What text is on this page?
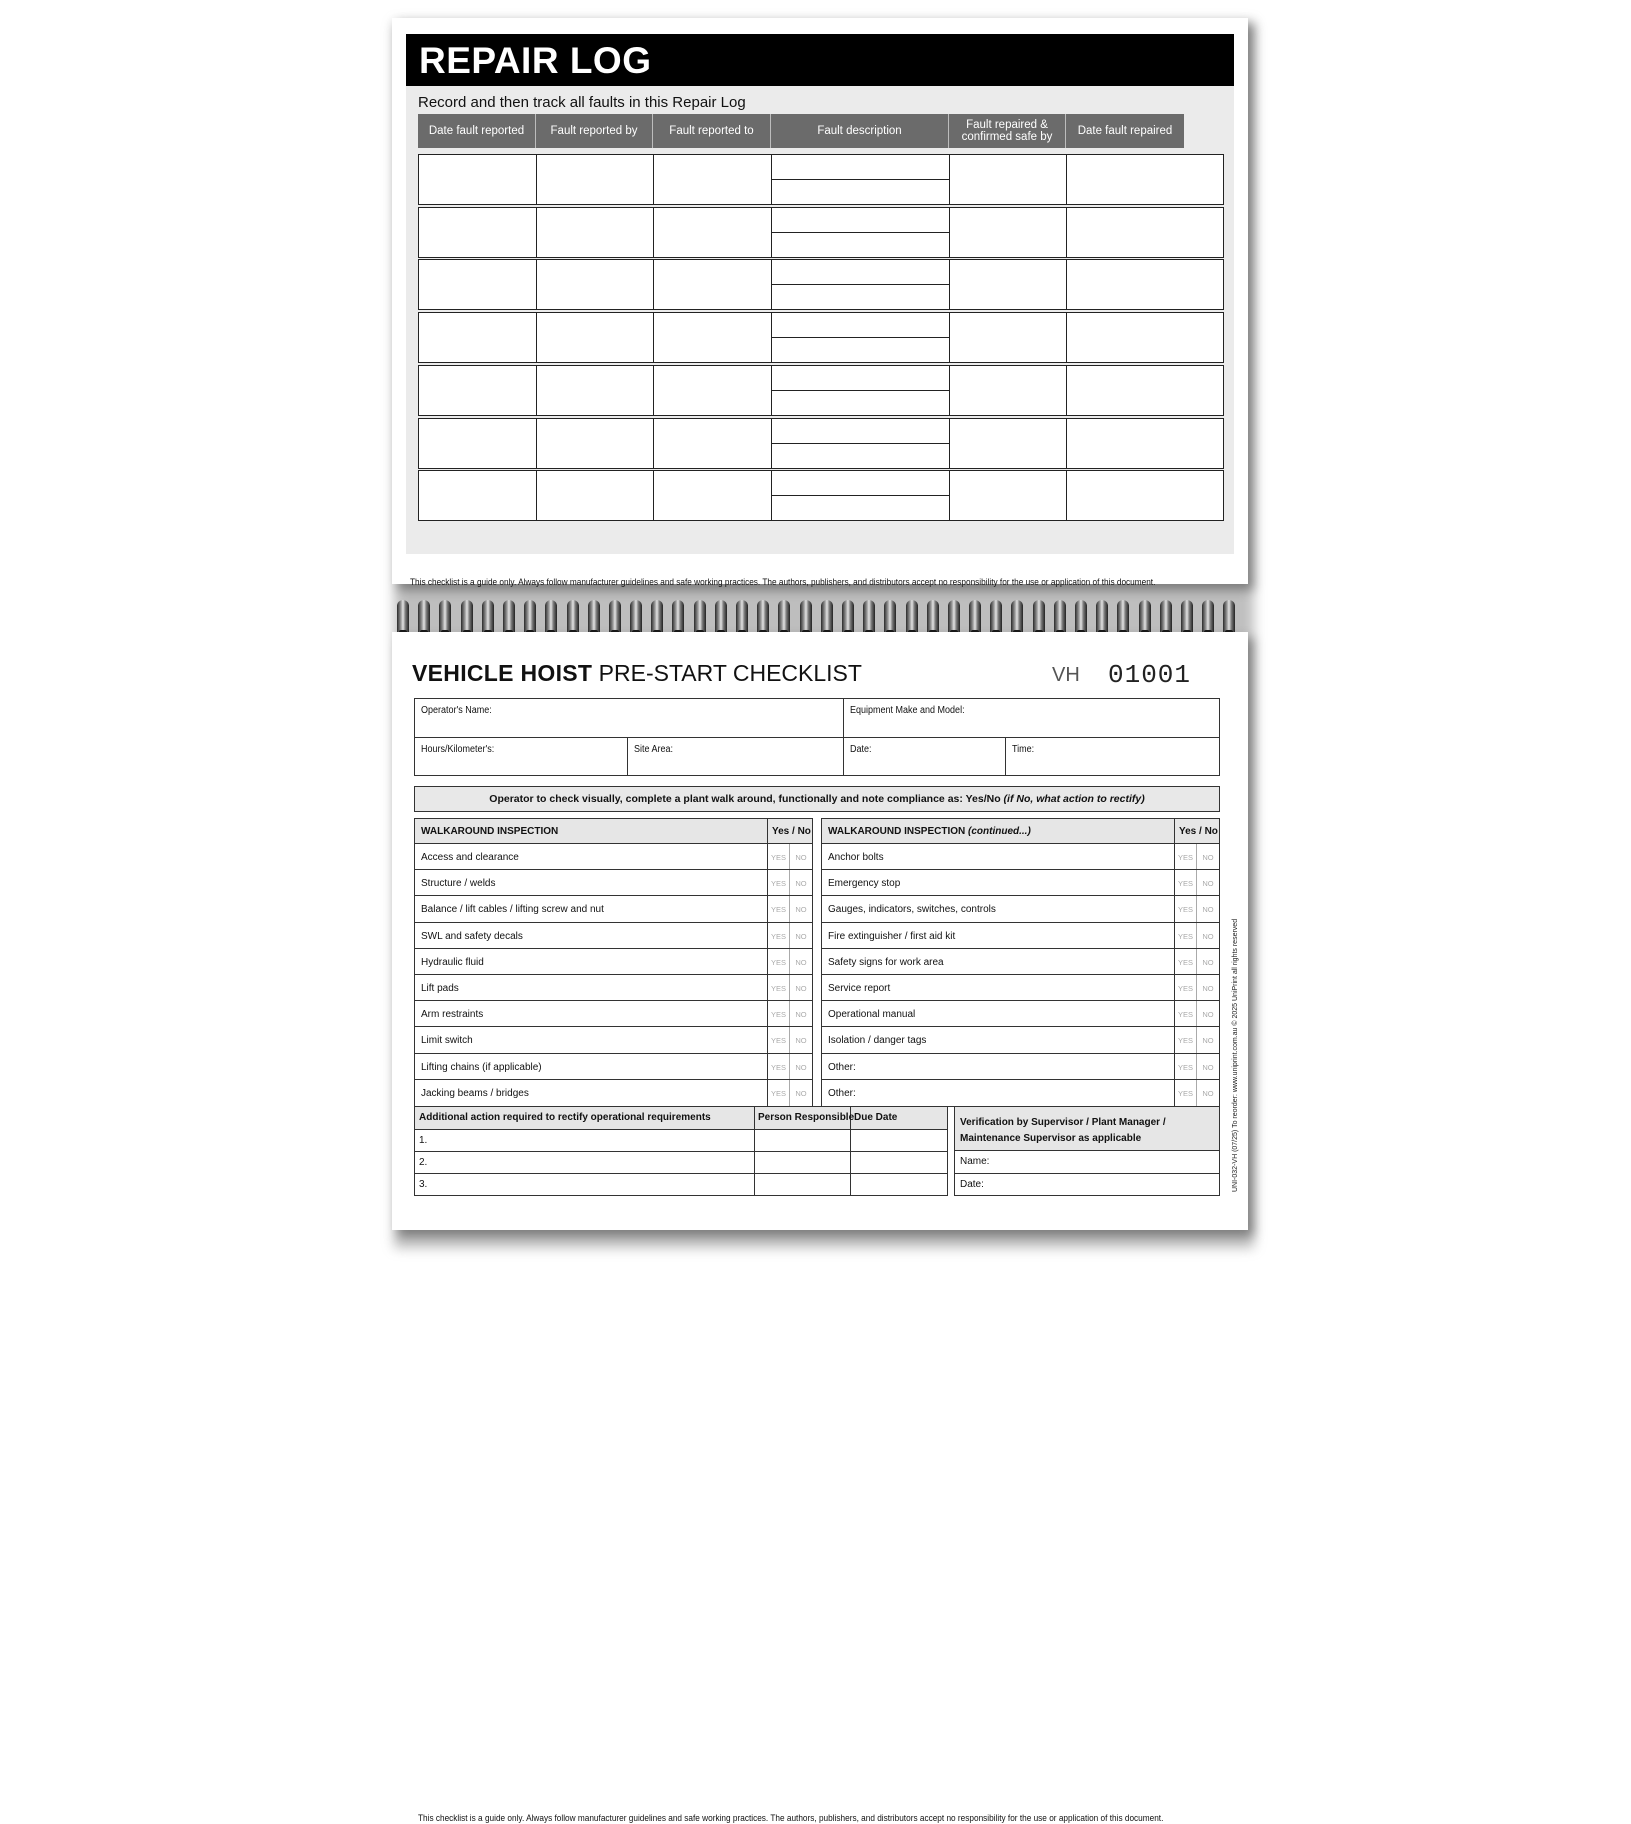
REPAIR LOG
Record and then track all faults in this Repair Log
Date fault reported	Fault reported by	Fault reported to	Fault description	Fault repaired & confirmed safe by	Date fault repaired
This checklist is a guide only. Always follow manufacturer guidelines and safe working practices. The authors, publishers, and distributors accept no responsibility for the use or application of this document.
VEHICLE HOIST PRE-START CHECKLIST	VH 01001
Operator's Name:	Equipment Make and Model:
Hours/Kilometer's:	Site Area:	Date:	Time:
Operator to check visually, complete a plant walk around, functionally and note compliance as: Yes/No (if No, what action to rectify)
WALKAROUND INSPECTION	Yes / No
Access and clearance	YES	NO
Structure / welds	YES	NO
Balance / lift cables / lifting screw and nut	YES	NO
SWL and safety decals	YES	NO
Hydraulic fluid	YES	NO
Lift pads	YES	NO
Arm restraints	YES	NO
Limit switch	YES	NO
Lifting chains (if applicable)	YES	NO
Jacking beams / bridges	YES	NO
WALKAROUND INSPECTION (continued...)	Yes / No
Anchor bolts	YES	NO
Emergency stop	YES	NO
Gauges, indicators, switches, controls	YES	NO
Fire extinguisher / first aid kit	YES	NO
Safety signs for work area	YES	NO
Service report	YES	NO
Operational manual	YES	NO
Isolation / danger tags	YES	NO
Other:	YES	NO
Other:	YES	NO
Additional action required to rectify operational requirements	Person Responsible Due Date
1.
2.
3.
Verification by Supervisor / Plant Manager /
Maintenance Supervisor as applicable
Name:
Date:	UNI-032-VH (07/25) To reorder: www.uniprint.com.au © 2025 UniPrint all rights reserved
This checklist is a guide only. Always follow manufacturer guidelines and safe working practices. The authors, publishers, and distributors accept no responsibility for the use or application of this document.
